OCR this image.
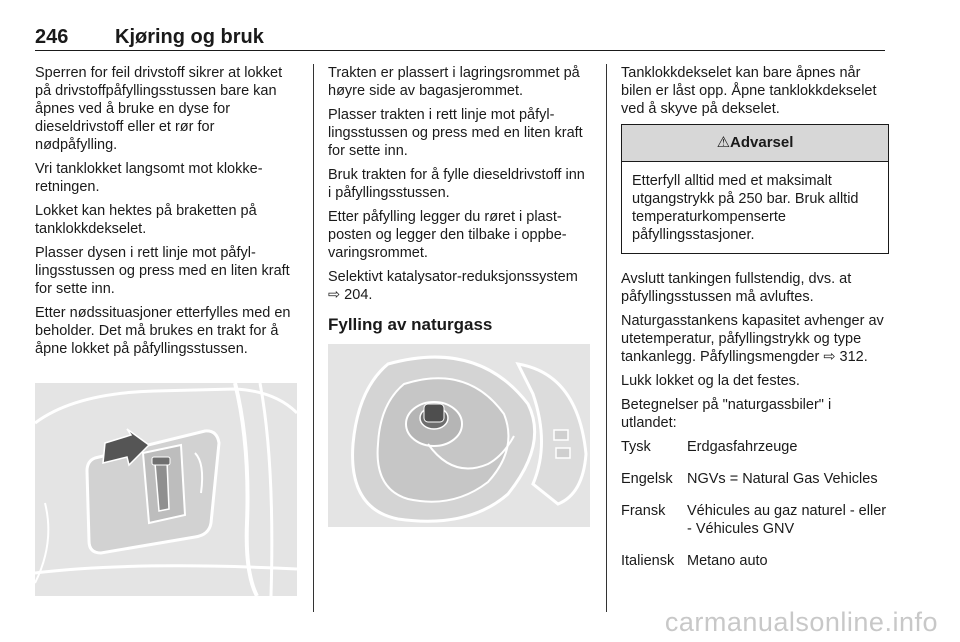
246 Kjøring og bruk

Sperren for feil drivstoff sikrer at lokket på drivstoffpåfyllingsstussen bare kan åpnes ved å bruke en dyse for dieseldrivstoff eller et rør for nødpåfylling.

Vri tanklokket langsomt mot klokkeretningen.

Lokket kan hektes på braketten på tanklokkdekselet.

Plasser dysen i rett linje mot påfyllingsstussen og press med en liten kraft for sette inn.

Etter nødssituasjoner etterfylles med en beholder. Det må brukes en trakt for å åpne lokket på påfyllingsstussen.

Trakten er plassert i lagringsrommet på høyre side av bagasjerommet.

Plasser trakten i rett linje mot påfyllingsstussen og press med en liten kraft for sette inn.

Bruk trakten for å fylle dieseldrivstoff inn i påfyllingsstussen.

Etter påfylling legger du røret i plastposten og legger den tilbake i oppbevaringsrommet.

Selektivt katalysator-reduksjonssystem ⇨ 204.

Fylling av naturgass

Tanklokkdekselet kan bare åpnes når bilen er låst opp. Åpne tanklokkdekselet ved å skyve på dekselet.

⚠Advarsel
Etterfyll alltid med et maksimalt utgangstrykk på 250 bar. Bruk alltid temperaturkompenserte påfyllingsstasjoner.

Avslutt tankingen fullstendig, dvs. at påfyllingsstussen må avluftes.

Naturgasstankens kapasitet avhenger av utetemperatur, påfyllingstrykk og type tankanlegg. Påfyllingsmengder ⇨ 312.

Lukk lokket og la det festes.

Betegnelser på "naturgassbiler" i utlandet:

Tysk	Erdgasfahrzeuge
Engelsk	NGVs = Natural Gas Vehicles
Fransk	Véhicules au gaz naturel - eller - Véhicules GNV
Italiensk	Metano auto
carmanualsonline.info
